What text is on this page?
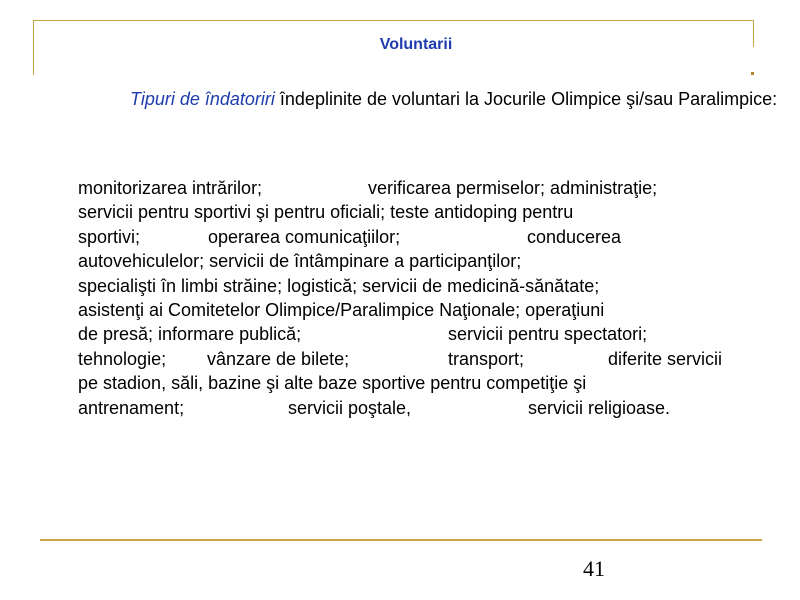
Voluntarii

Tipuri de îndatoriri îndeplinite de voluntari la Jocurile Olimpice şi/sau Paralimpice:

monitorizarea intrărilor;	verificarea permiselor; administraţie;
servicii pentru sportivi şi pentru oficiali; teste antidoping pentru
sportivi;	operarea comunicaţiilor;	conducerea
autovehiculelor; servicii de întâmpinare a participanţilor;
specialişti în limbi străine; logistică; servicii de medicină-sănătate;
asistenţi ai Comitetelor Olimpice/Paralimpice Naţionale; operaţiuni
de presă; informare publică;	servicii pentru spectatori;
tehnologie; vânzare de bilete;	transport;	diferite servicii
pe stadion, săli, bazine şi alte baze sportive pentru competiţie şi
antrenament;	servicii poştale,	servicii religioase.
41
